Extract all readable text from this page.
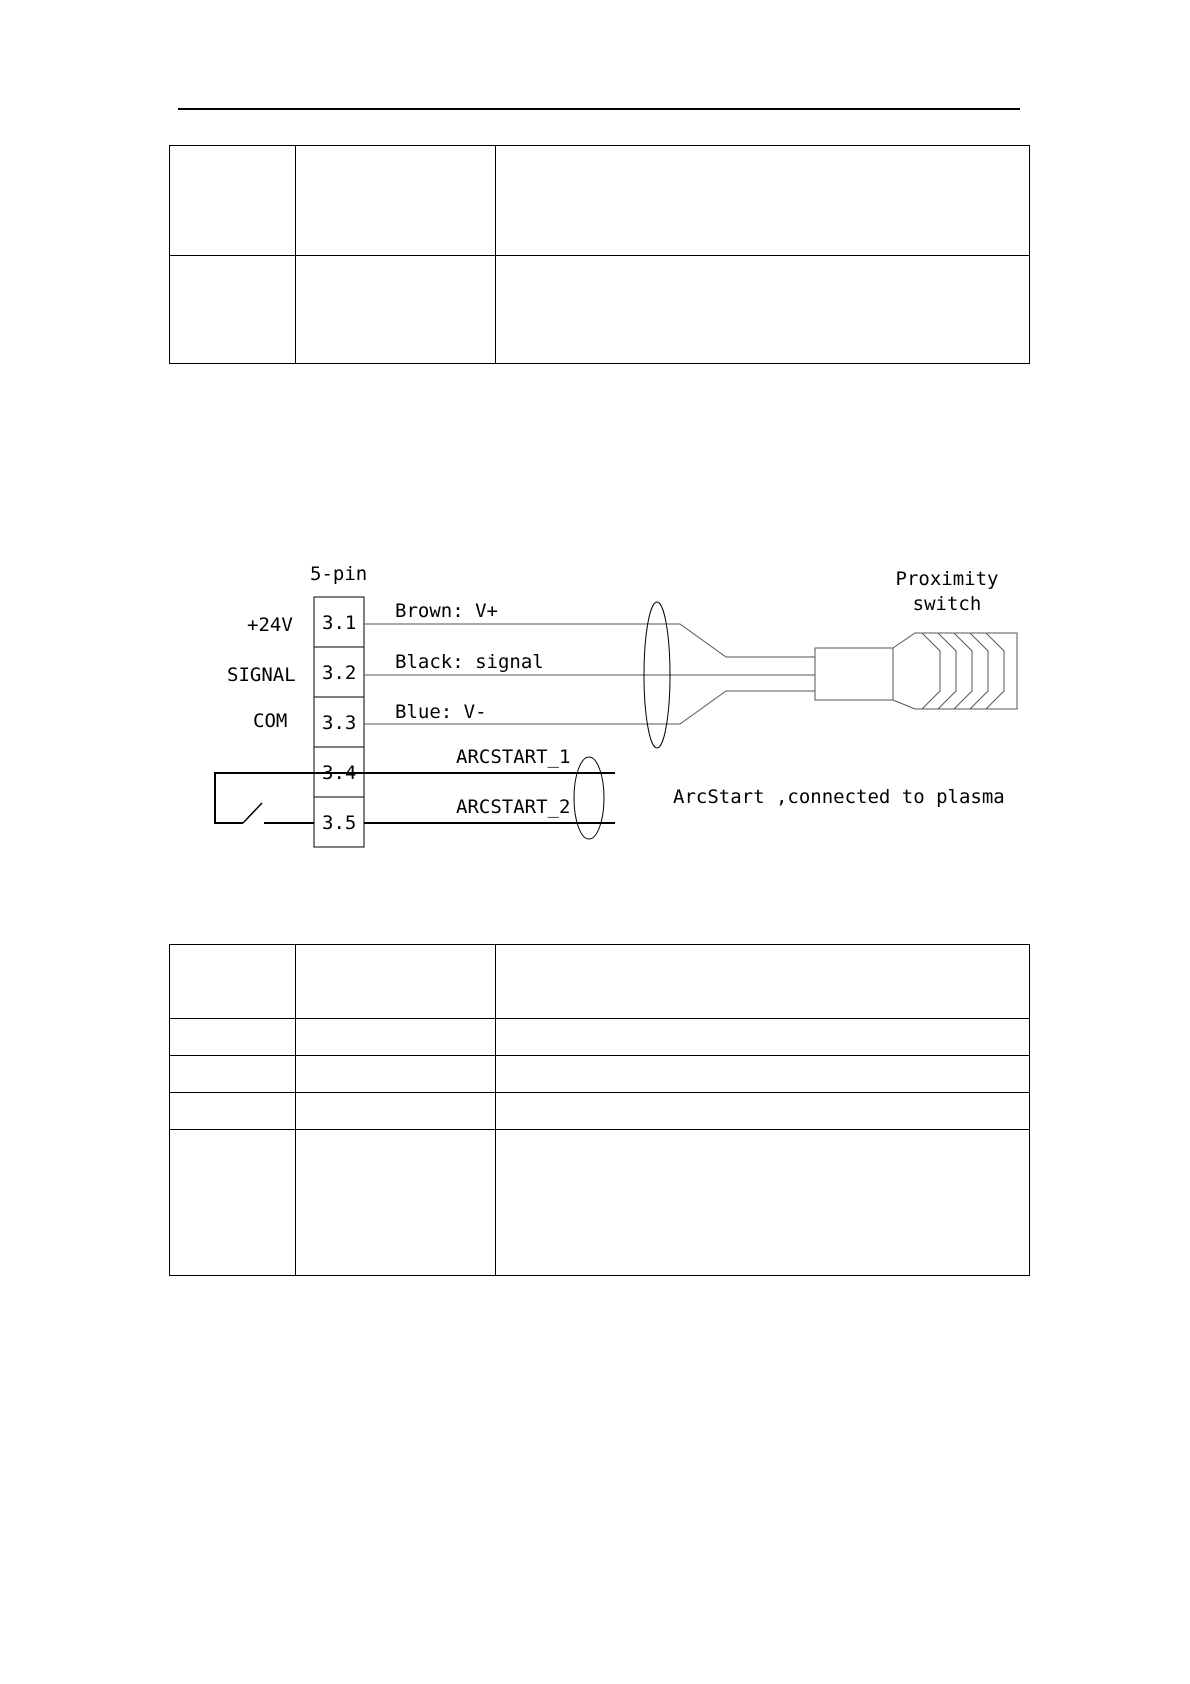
5-pin
3.1
3.2
3.3
3.4
3.5
+24V
SIGNAL
COM
Brown: V+
Black: signal
Blue: V-
Proximity
switch
ARCSTART_1
ARCSTART_2	ArcStart ,connected to plasma
